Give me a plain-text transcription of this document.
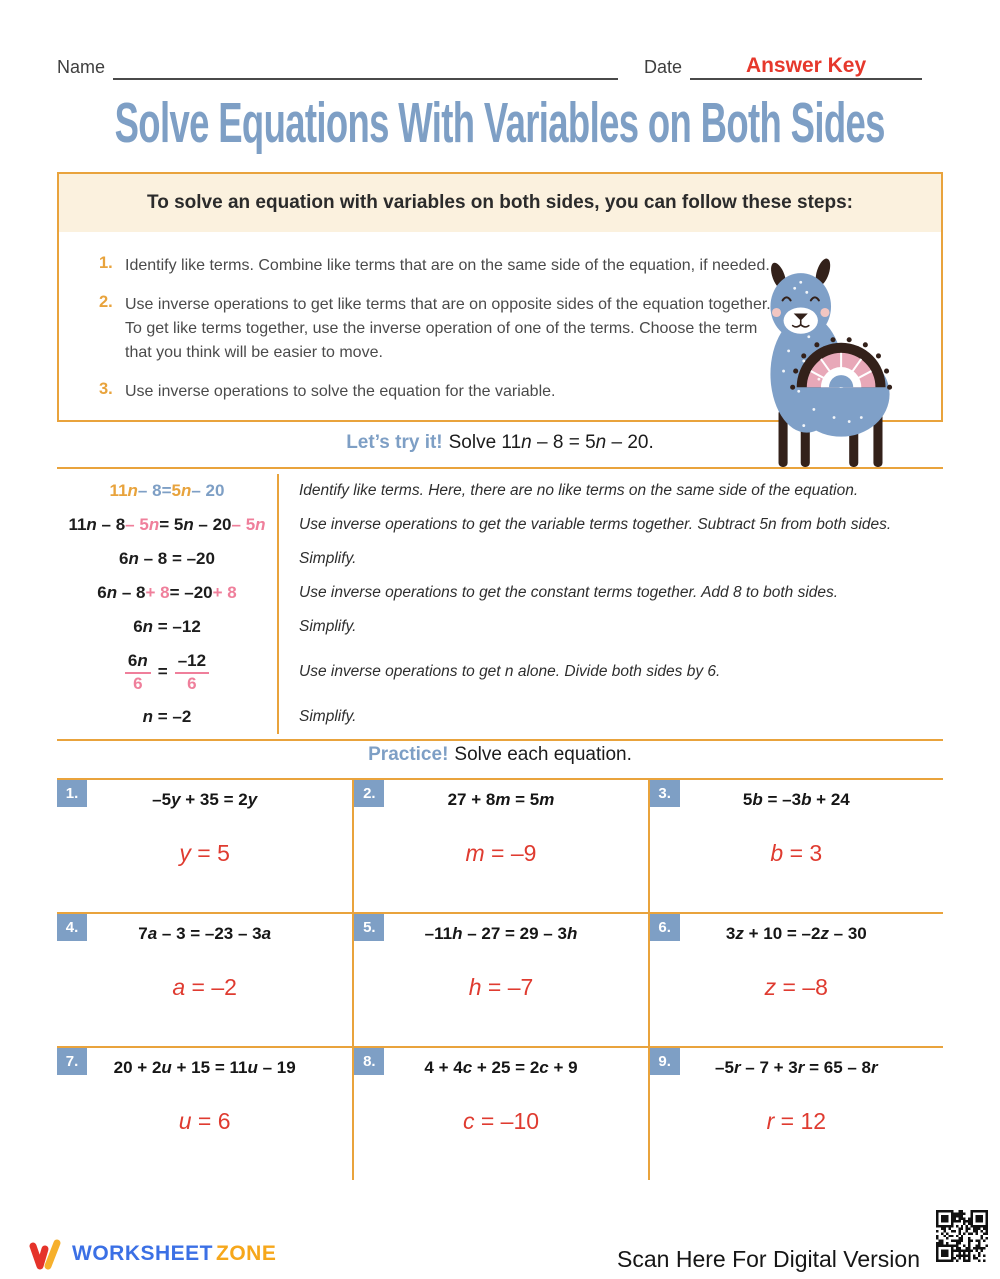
Name	Date	Answer Key
Solve Equations With Variables on Both Sides
To solve an equation with variables on both sides, you can follow these steps:
1. Identify like terms. Combine like terms that are on the same side of the equation, if needed.
2. Use inverse operations to get like terms that are on opposite sides of the equation together. To get like terms together, use the inverse operation of one of the terms. Choose the term that you think will be easier to move.
3. Use inverse operations to solve the equation for the variable.
Let’s try it! Solve 11n – 8 = 5n – 20.
11n – 8 = 5n – 20	Identify like terms. Here, there are no like terms on the same side of the equation.
11n – 8 – 5n = 5n – 20 – 5n	Use inverse operations to get the variable terms together. Subtract 5n from both sides.
6n – 8 = –20	Simplify.
6n – 8 + 8 = –20 + 8	Use inverse operations to get the constant terms together. Add 8 to both sides.
6n = –12	Simplify.
$\frac{6n}{6} = \frac{-12}{6}$	Use inverse operations to get n alone. Divide both sides by 6.
n = –2	Simplify.
Practice! Solve each equation.
1.	–5y + 35 = 2y
y = 5
2.	27 + 8m = 5m
m = –9
3.	5b = –3b + 24
b = 3
4.	7a – 3 = –23 – 3a
a = –2
5.	–11h – 27 = 29 – 3h
h = –7
6.	3z + 10 = –2z – 30
z = –8
7.	20 + 2u + 15 = 11u – 19
u = 6
8.	4 + 4c + 25 = 2c + 9
c = –10
9.	–5r – 7 + 3r = 65 – 8r
r = 12
WORKSHEET ZONE	Scan Here For Digital Version
